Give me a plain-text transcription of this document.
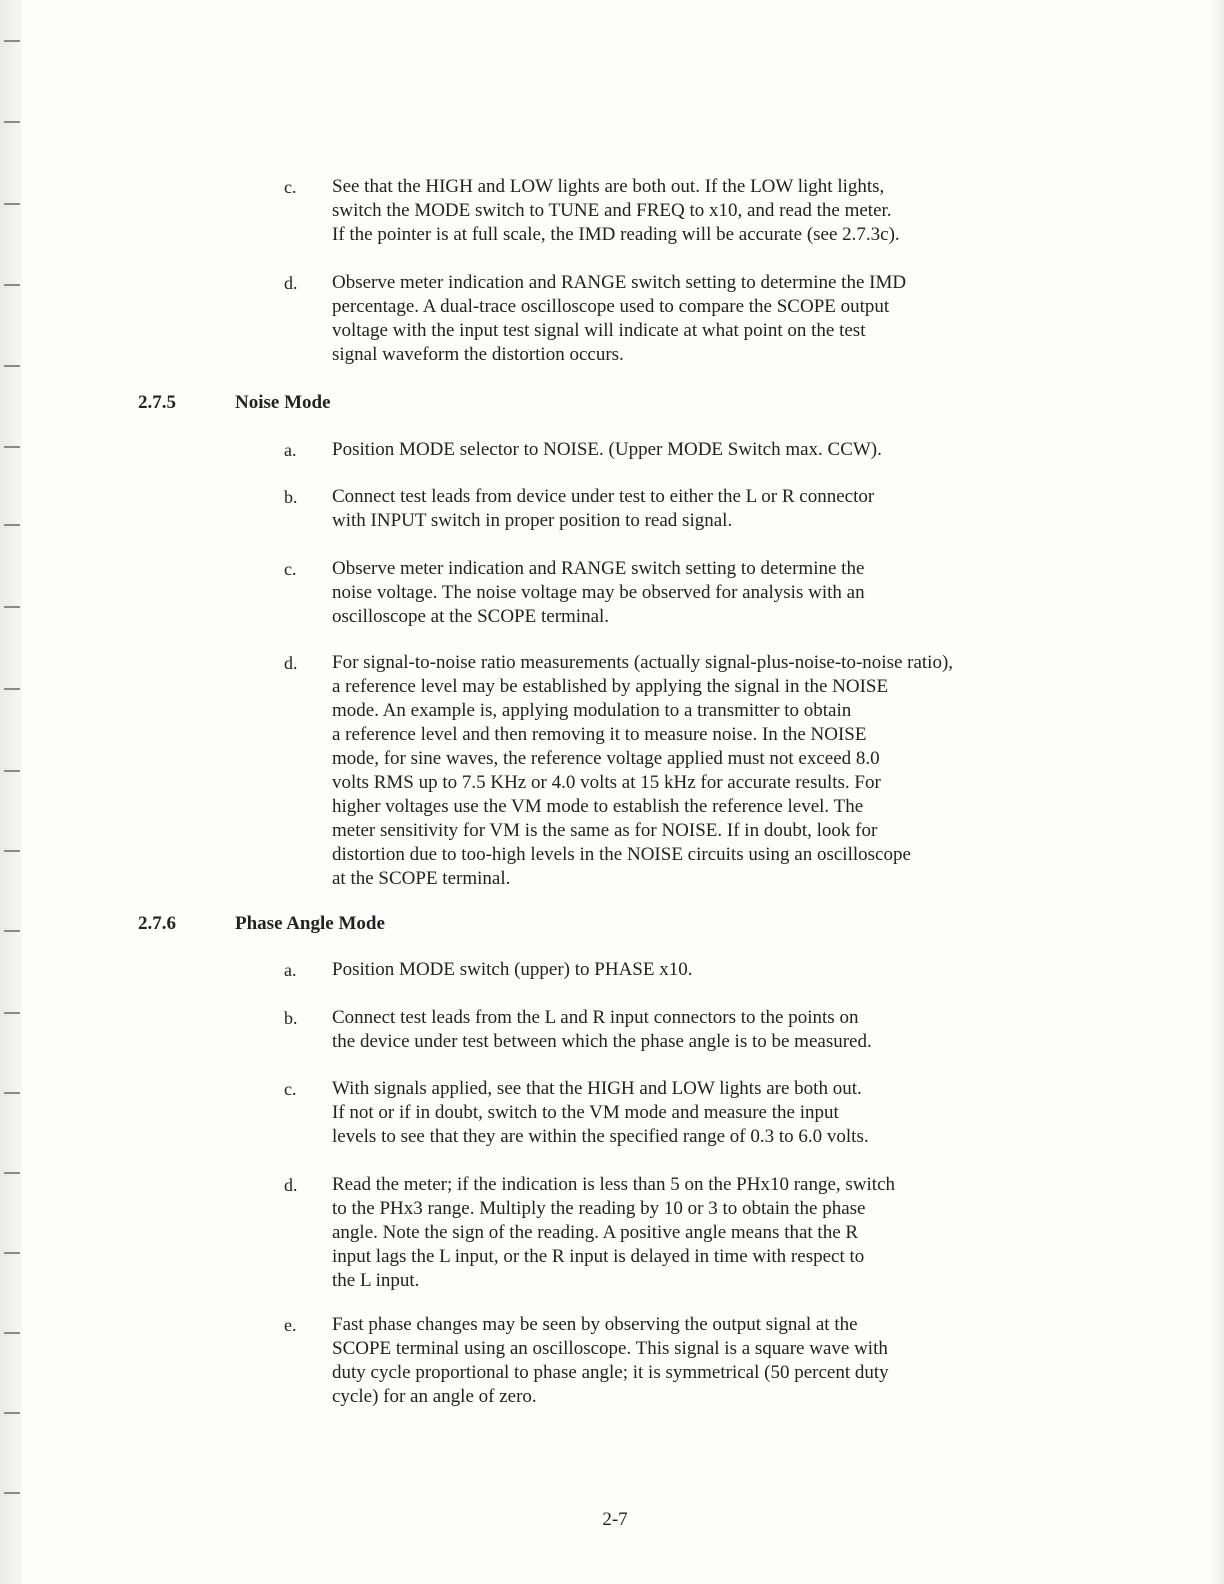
c. See that the HIGH and LOW lights are both out. If the LOW light lights,
switch the MODE switch to TUNE and FREQ to x10, and read the meter.
If the pointer is at full scale, the IMD reading will be accurate (see 2.7.3c).
d. Observe meter indication and RANGE switch setting to determine the IMD
percentage. A dual-trace oscilloscope used to compare the SCOPE output
voltage with the input test signal will indicate at what point on the test
signal waveform the distortion occurs.
2.7.5	Noise Mode
a. Position MODE selector to NOISE. (Upper MODE Switch max. CCW).
b. Connect test leads from device under test to either the L or R connector
with INPUT switch in proper position to read signal.
c. Observe meter indication and RANGE switch setting to determine the
noise voltage. The noise voltage may be observed for analysis with an
oscilloscope at the SCOPE terminal.
d. For signal-to-noise ratio measurements (actually signal-plus-noise-to-noise ratio),
a reference level may be established by applying the signal in the NOISE
mode. An example is, applying modulation to a transmitter to obtain
a reference level and then removing it to measure noise. In the NOISE
mode, for sine waves, the reference voltage applied must not exceed 8.0
volts RMS up to 7.5 KHz or 4.0 volts at 15 kHz for accurate results. For
higher voltages use the VM mode to establish the reference level. The
meter sensitivity for VM is the same as for NOISE. If in doubt, look for
distortion due to too-high levels in the NOISE circuits using an oscilloscope
at the SCOPE terminal.
2.7.6	Phase Angle Mode
a. Position MODE switch (upper) to PHASE x10.
b. Connect test leads from the L and R input connectors to the points on
the device under test between which the phase angle is to be measured.
c. With signals applied, see that the HIGH and LOW lights are both out.
If not or if in doubt, switch to the VM mode and measure the input
levels to see that they are within the specified range of 0.3 to 6.0 volts.
d. Read the meter; if the indication is less than 5 on the PHx10 range, switch
to the PHx3 range. Multiply the reading by 10 or 3 to obtain the phase
angle. Note the sign of the reading. A positive angle means that the R
input lags the L input, or the R input is delayed in time with respect to
the L input.
e. Fast phase changes may be seen by observing the output signal at the
SCOPE terminal using an oscilloscope. This signal is a square wave with
duty cycle proportional to phase angle; it is symmetrical (50 percent duty
cycle) for an angle of zero.
2-7
